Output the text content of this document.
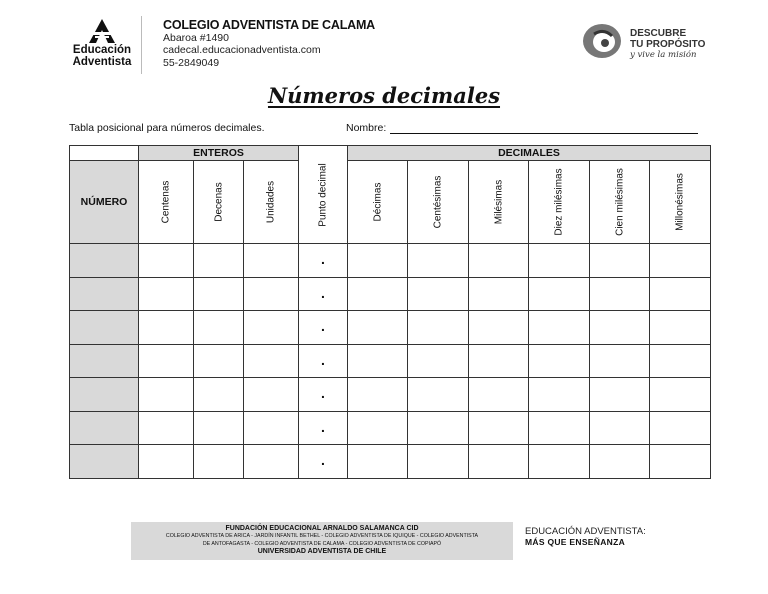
Educación
Adventista
COLEGIO ADVENTISTA DE CALAMA
Abaroa #1490
cadecal.educacionadventista.com
55-2849049
DESCUBRE
TU PROPÓSITO
y vive la misión
Números decimales
Tabla posicional para números decimales.	Nombre:
	ENTEROS			Punto decimal	DECIMALES					
NÚMERO	Centenas	Decenas	Unidades		Décimas	Centésimas	Milésimas	Diez milésimas	Cien milésimas	Millonésimas

				.						
				.						
				.						
				.						
				.						
				.						
				.						
FUNDACIÓN EDUCACIONAL ARNALDO SALAMANCA CID
COLEGIO ADVENTISTA DE ARICA - JARDÍN INFANTIL BETHEL - COLEGIO ADVENTISTA DE IQUIQUE - COLEGIO ADVENTISTA
DE ANTOFAGASTA - COLEGIO ADVENTISTA DE CALAMA - COLEGIO ADVENTISTA DE COPIAPÓ
UNIVERSIDAD ADVENTISTA DE CHILE
EDUCACIÓN ADVENTISTA:
MÁS QUE ENSEÑANZA
